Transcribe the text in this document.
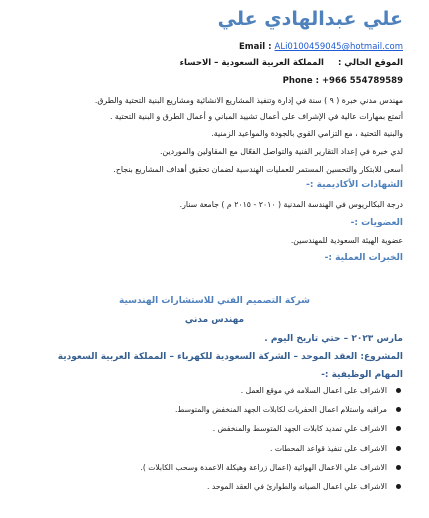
علي عبدالهادي علي
Email : ALi0100459045@hotmail.com
الموقع الحالي :المملكة العربية السعودية – الاحساء
Phone : +966 554789589
مهندس مدني خبرة ( ٩ ) سنة في إدارة وتنفيذ المشاريع الانشائية ومشاريع البنية التحتية والطرق.
أتمتع بمهارات عالية في الإشراف على أعمال تشييد المباني و أعمال الطرق و البنية التحتية .
والبنية التحتية ، مع التزامي القوي بالجودة والمواعيد الزمنية.
لدي خبرة في إعداد التقارير الفنية والتواصل الفعّال مع المقاولين والموردين.
أسعى للابتكار والتحسين المستمر للعمليات الهندسية لضمان تحقيق أهداف المشاريع بنجاح.
الشهادات الأكاديمية :-
درجة البكالريوس في الهندسة المدنية ( ٢٠١٠ - ٢٠١٥ م ) جامعة سنار.
العضويات :-
عضوية الهيئة السعودية للمهندسين.
الخبرات العملية :-
شركة التصميم الفني للاستشارات الهندسية
مهندس مدني
مارس ٢٠٢٣ – حتي تاريخ اليوم .
المشروع: العقد الموحد – الشركة السعودية للكهرباء – المملكة العربية السعودية
المهام الوظيفية :-
الاشراف على اعمال السلامه في موقع العمل .
مراقبه واستلام اعمال الحفريات لكابلات الجهد المنخفض والمتوسط.
الاشراف علي تمديد كابلات الجهد المتوسط والمنخفض .
الاشراف على تنفيذ قواعد المحطات .
الاشراف علي الاعمال الهوائية (اعمال زراعة وهيكلة الاعمدة وسحب الكابلات ).
الاشراف علي اعمال الصيانه والطوارئ في العقد الموحد .
